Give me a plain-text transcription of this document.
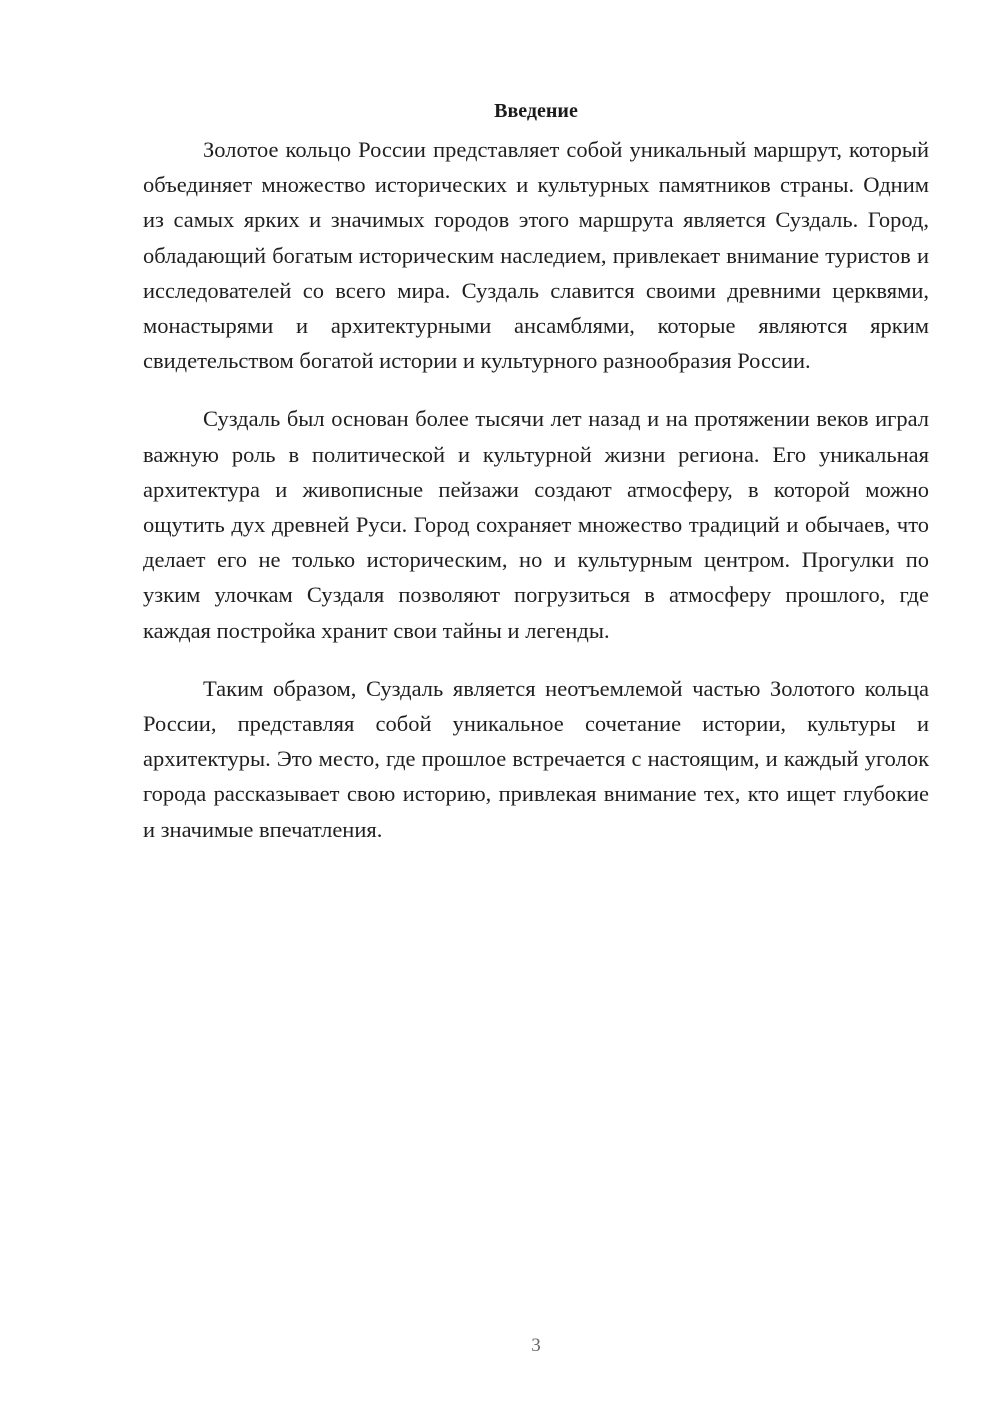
Введение

Золотое кольцо России представляет собой уникальный маршрут, который объединяет множество исторических и культурных памятников страны. Одним из самых ярких и значимых городов этого маршрута является Суздаль. Город, обладающий богатым историческим наследием, привлекает внимание туристов и исследователей со всего мира. Суздаль славится своими древними церквями, монастырями и архитектурными ансамблями, которые являются ярким свидетельством богатой истории и культурного разнообразия России.

Суздаль был основан более тысячи лет назад и на протяжении веков играл важную роль в политической и культурной жизни региона. Его уникальная архитектура и живописные пейзажи создают атмосферу, в которой можно ощутить дух древней Руси. Город сохраняет множество традиций и обычаев, что делает его не только историческим, но и культурным центром. Прогулки по узким улочкам Суздаля позволяют погрузиться в атмосферу прошлого, где каждая постройка хранит свои тайны и легенды.

Таким образом, Суздаль является неотъемлемой частью Золотого кольца России, представляя собой уникальное сочетание истории, культуры и архитектуры. Это место, где прошлое встречается с настоящим, и каждый уголок города рассказывает свою историю, привлекая внимание тех, кто ищет глубокие и значимые впечатления.

3
